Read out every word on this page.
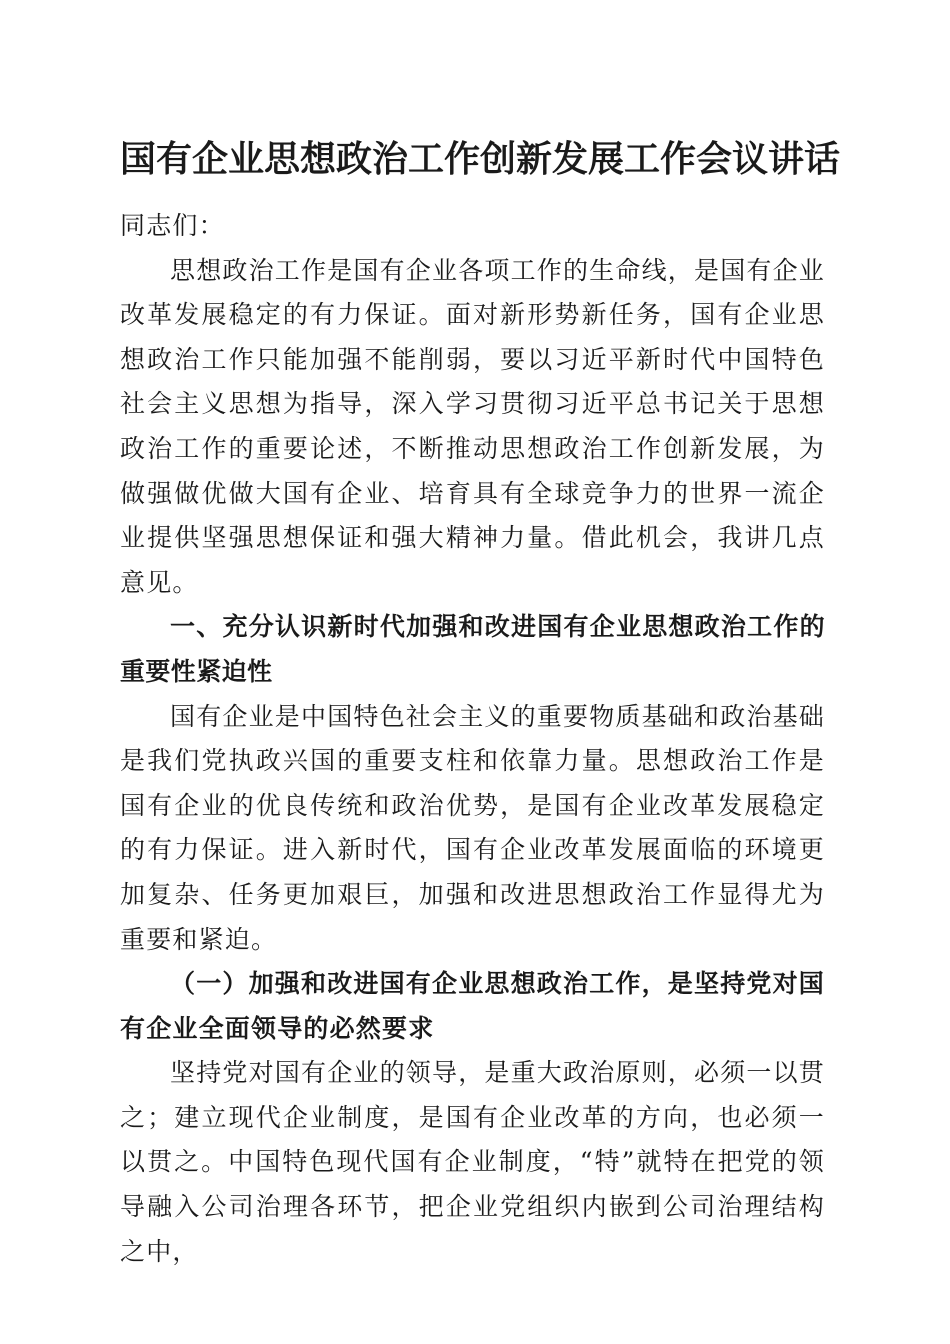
国有企业思想政治工作创新发展工作会议讲话

同志们：

思想政治工作是国有企业各项工作的生命线，是国有企业改革发展稳定的有力保证。面对新形势新任务，国有企业思想政治工作只能加强不能削弱，要以习近平新时代中国特色社会主义思想为指导，深入学习贯彻习近平总书记关于思想政治工作的重要论述，不断推动思想政治工作创新发展，为做强做优做大国有企业、培育具有全球竞争力的世界一流企业提供坚强思想保证和强大精神力量。借此机会，我讲几点意见。

一、充分认识新时代加强和改进国有企业思想政治工作的重要性紧迫性

国有企业是中国特色社会主义的重要物质基础和政治基础是我们党执政兴国的重要支柱和依靠力量。思想政治工作是国有企业的优良传统和政治优势，是国有企业改革发展稳定的有力保证。进入新时代，国有企业改革发展面临的环境更加复杂、任务更加艰巨，加强和改进思想政治工作显得尤为重要和紧迫。

（一）加强和改进国有企业思想政治工作，是坚持党对国有企业全面领导的必然要求

坚持党对国有企业的领导，是重大政治原则，必须一以贯之；建立现代企业制度，是国有企业改革的方向，也必须一以贯之。中国特色现代国有企业制度，“特”就特在把党的领导融入公司治理各环节，把企业党组织内嵌到公司治理结构之中，
